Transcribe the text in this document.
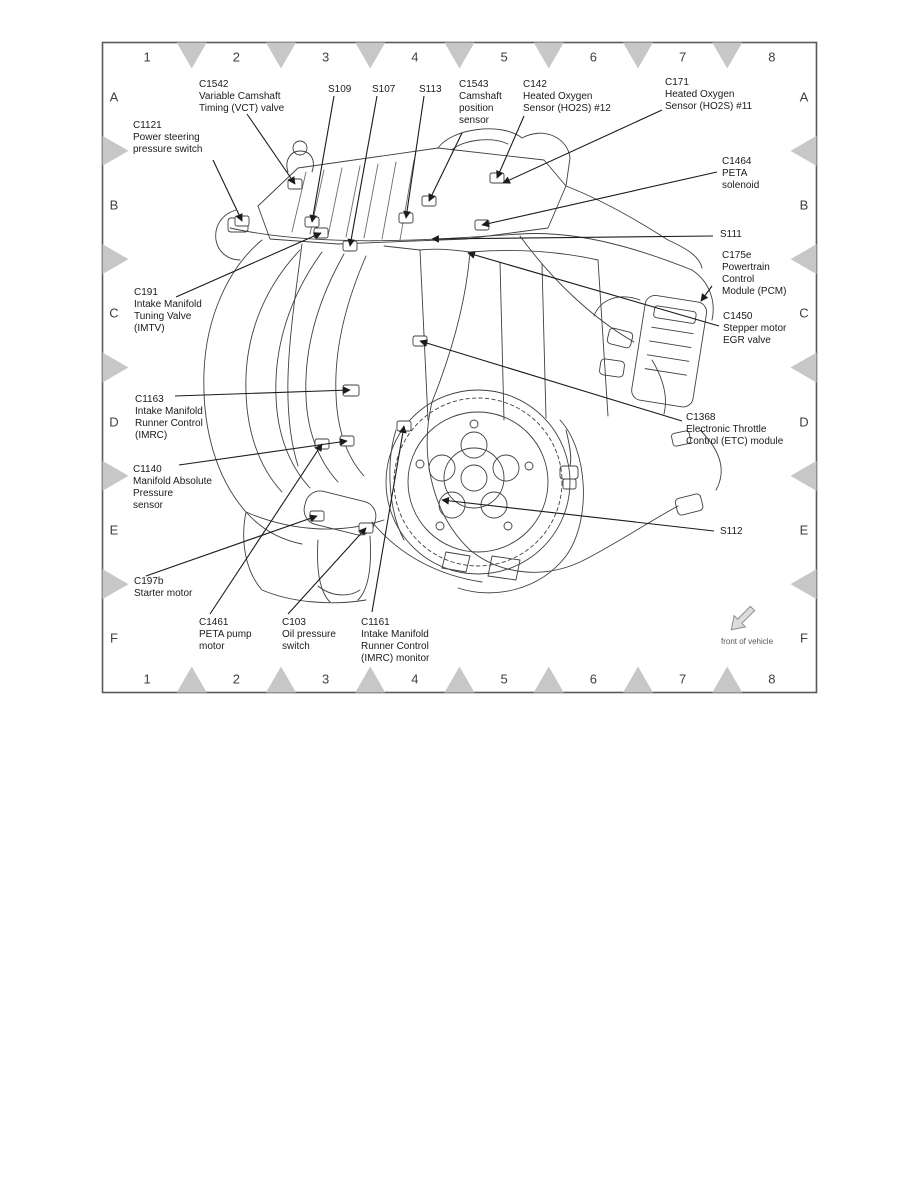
1
1
2
2
3
3
4
4
5
5
6
6
7
7
8
8
A	A
B	B
C	C
D	D
E	E
F	F
C1121
Power steering
pressure switch
C1542
Variable Camshaft
Timing (VCT) valve
S109 S107 S113 C1543
Camshaft
position
sensor
C142
Heated Oxygen
Sensor (HO2S) #12
C171
Heated Oxygen
Sensor (HO2S) #11
C1464
PETA
solenoid
S111
C175e
Powertrain
Control
Module (PCM)
C1450
Stepper motor
EGR valve
C191
Intake Manifold
Tuning Valve
(IMTV)
C1163
Intake Manifold
Runner Control
(IMRC)
C1368
Electronic Throttle
Control (ETC) module
C1140
Manifold Absolute
Pressure
sensor
S112
C197b
Starter motor
C1461
PETA pump
motor
C103
Oil pressure
switch
C1161
Intake Manifold
Runner Control
(IMRC) monitor
front of vehicle
